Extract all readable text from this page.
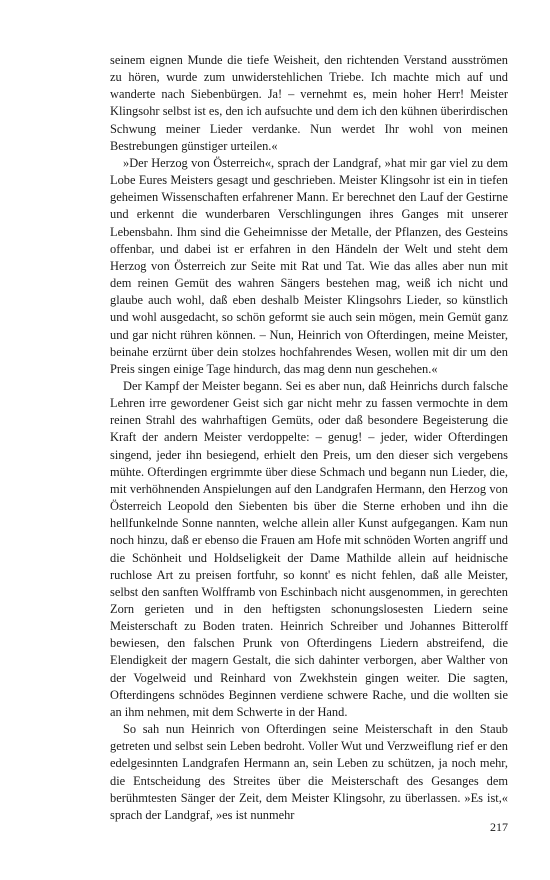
seinem eignen Munde die tiefe Weisheit, den richtenden Verstand ausströmen zu hören, wurde zum unwiderstehlichen Triebe. Ich machte mich auf und wanderte nach Siebenbürgen. Ja! – vernehmt es, mein hoher Herr! Meister Klingsohr selbst ist es, den ich aufsuchte und dem ich den kühnen überirdischen Schwung meiner Lieder verdanke. Nun werdet Ihr wohl von meinen Bestrebungen günstiger urteilen.«

»Der Herzog von Österreich«, sprach der Landgraf, »hat mir gar viel zu dem Lobe Eures Meisters gesagt und geschrieben. Meister Klingsohr ist ein in tiefen geheimen Wissenschaften erfahrener Mann. Er berechnet den Lauf der Gestirne und erkennt die wunderbaren Verschlingungen ihres Ganges mit unserer Lebensbahn. Ihm sind die Geheimnisse der Metalle, der Pflanzen, des Gesteins offenbar, und dabei ist er erfahren in den Händeln der Welt und steht dem Herzog von Österreich zur Seite mit Rat und Tat. Wie das alles aber nun mit dem reinen Gemüt des wahren Sängers bestehen mag, weiß ich nicht und glaube auch wohl, daß eben deshalb Meister Klingsohrs Lieder, so künstlich und wohl ausgedacht, so schön geformt sie auch sein mögen, mein Gemüt ganz und gar nicht rühren können. – Nun, Heinrich von Ofterdingen, meine Meister, beinahe erzürnt über dein stolzes hochfahrendes Wesen, wollen mit dir um den Preis singen einige Tage hindurch, das mag denn nun geschehen.«

Der Kampf der Meister begann. Sei es aber nun, daß Heinrichs durch falsche Lehren irre gewordener Geist sich gar nicht mehr zu fassen vermochte in dem reinen Strahl des wahrhaftigen Gemüts, oder daß besondere Begeisterung die Kraft der andern Meister verdoppelte: – genug! – jeder, wider Ofterdingen singend, jeder ihn besiegend, erhielt den Preis, um den dieser sich vergebens mühte. Ofterdingen ergrimmte über diese Schmach und begann nun Lieder, die, mit verhöhnenden Anspielungen auf den Landgrafen Hermann, den Herzog von Österreich Leopold den Siebenten bis über die Sterne erhoben und ihn die hellfunkelnde Sonne nannten, welche allein aller Kunst aufgegangen. Kam nun noch hinzu, daß er ebenso die Frauen am Hofe mit schnöden Worten angriff und die Schönheit und Holdseligkeit der Dame Mathilde allein auf heidnische ruchlose Art zu preisen fortfuhr, so konnt' es nicht fehlen, daß alle Meister, selbst den sanften Wolfframb von Eschinbach nicht ausgenommen, in gerechten Zorn gerieten und in den heftigsten schonungslosesten Liedern seine Meisterschaft zu Boden traten. Heinrich Schreiber und Johannes Bitterolff bewiesen, den falschen Prunk von Ofterdingens Liedern abstreifend, die Elendigkeit der magern Gestalt, die sich dahinter verborgen, aber Walther von der Vogelweid und Reinhard von Zwekhstein gingen weiter. Die sagten, Ofterdingens schnödes Beginnen verdiene schwere Rache, und die wollten sie an ihm nehmen, mit dem Schwerte in der Hand.

So sah nun Heinrich von Ofterdingen seine Meisterschaft in den Staub getreten und selbst sein Leben bedroht. Voller Wut und Verzweiflung rief er den edelgesinnten Landgrafen Hermann an, sein Leben zu schützen, ja noch mehr, die Entscheidung des Streites über die Meisterschaft des Gesanges dem berühmtesten Sänger der Zeit, dem Meister Klingsohr, zu überlassen. »Es ist,« sprach der Landgraf, »es ist nunmehr

217
